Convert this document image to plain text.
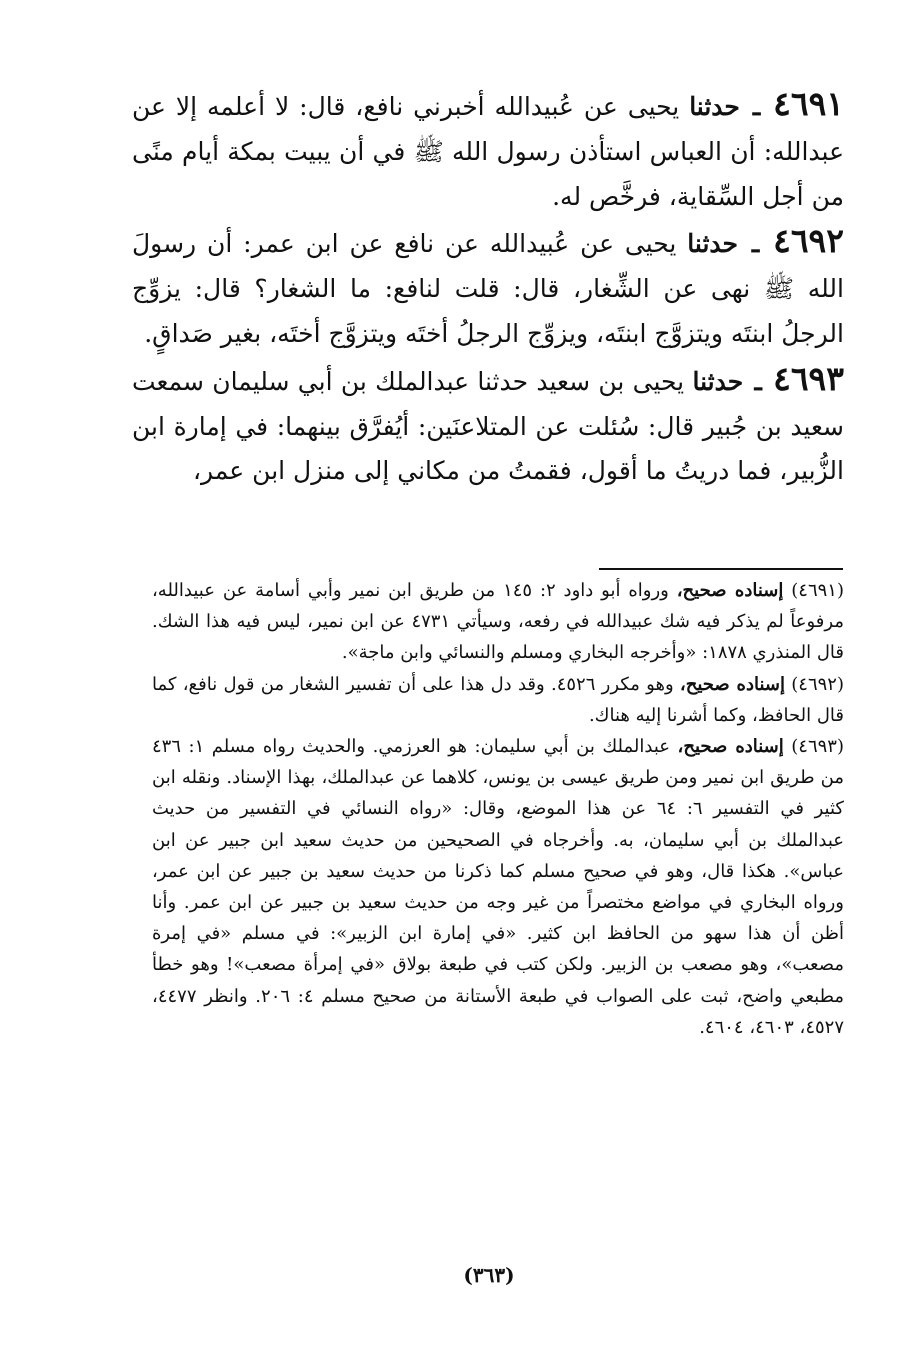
٤٦٩١ ـ حدثنا يحيى عن عُبيدالله أخبرني نافع، قال: لا أعلمه إلا عن عبدالله: أن العباس استأذن رسول الله ﷺ في أن يبيت بمكة أيام منًى من أجل السِّقاية، فرخَّص له.

٤٦٩٢ ـ حدثنا يحيى عن عُبيدالله عن نافع عن ابن عمر: أن رسولَ الله ﷺ نهى عن الشِّغار، قال: قلت لنافع: ما الشغار؟ قال: يزوِّج الرجلُ ابنتَه ويتزوَّج ابنتَه، ويزوِّج الرجلُ أختَه ويتزوَّج أختَه، بغير صَداقٍ.

٤٦٩٣ ـ حدثنا يحيى بن سعيد حدثنا عبدالملك بن أبي سليمان سمعت سعيد بن جُبير قال: سُئلت عن المتلاعنَين: أيُفرَّق بينهما: في إمارة ابن الزُّبير، فما دريتُ ما أقول، فقمتُ من مكاني إلى منزل ابن عمر،

(٤٦٩١) إسناده صحيح، ورواه أبو داود ٢: ١٤٥ من طريق ابن نمير وأبي أسامة عن عبيدالله، مرفوعاً لم يذكر فيه شك عبيدالله في رفعه، وسيأتي ٤٧٣١ عن ابن نمير، ليس فيه هذا الشك. قال المنذري ١٨٧٨: «وأخرجه البخاري ومسلم والنسائي وابن ماجة».

(٤٦٩٢) إسناده صحيح، وهو مكرر ٤٥٢٦. وقد دل هذا على أن تفسير الشغار من قول نافع، كما قال الحافظ، وكما أشرنا إليه هناك.

(٤٦٩٣) إسناده صحيح، عبدالملك بن أبي سليمان: هو العرزمي. والحديث رواه مسلم ١: ٤٣٦ من طريق ابن نمير ومن طريق عيسى بن يونس، كلاهما عن عبدالملك، بهذا الإسناد. ونقله ابن كثير في التفسير ٦: ٦٤ عن هذا الموضع، وقال: «رواه النسائي في التفسير من حديث عبدالملك بن أبي سليمان، به. وأخرجاه في الصحيحين من حديث سعيد ابن جبير عن ابن عباس». هكذا قال، وهو في صحيح مسلم كما ذكرنا من حديث سعيد بن جبير عن ابن عمر، ورواه البخاري في مواضع مختصراً من غير وجه من حديث سعيد بن جبير عن ابن عمر. وأنا أظن أن هذا سهو من الحافظ ابن كثير. «في إمارة ابن الزبير»: في مسلم «في إمرة مصعب»، وهو مصعب بن الزبير. ولكن كتب في طبعة بولاق «في إمرأة مصعب»! وهو خطأ مطبعي واضح، ثبت على الصواب في طبعة الأستانة من صحيح مسلم ٤: ٢٠٦. وانظر ٤٤٧٧، ٤٥٢٧، ٤٦٠٣، ٤٦٠٤.

(٣٦٣)
